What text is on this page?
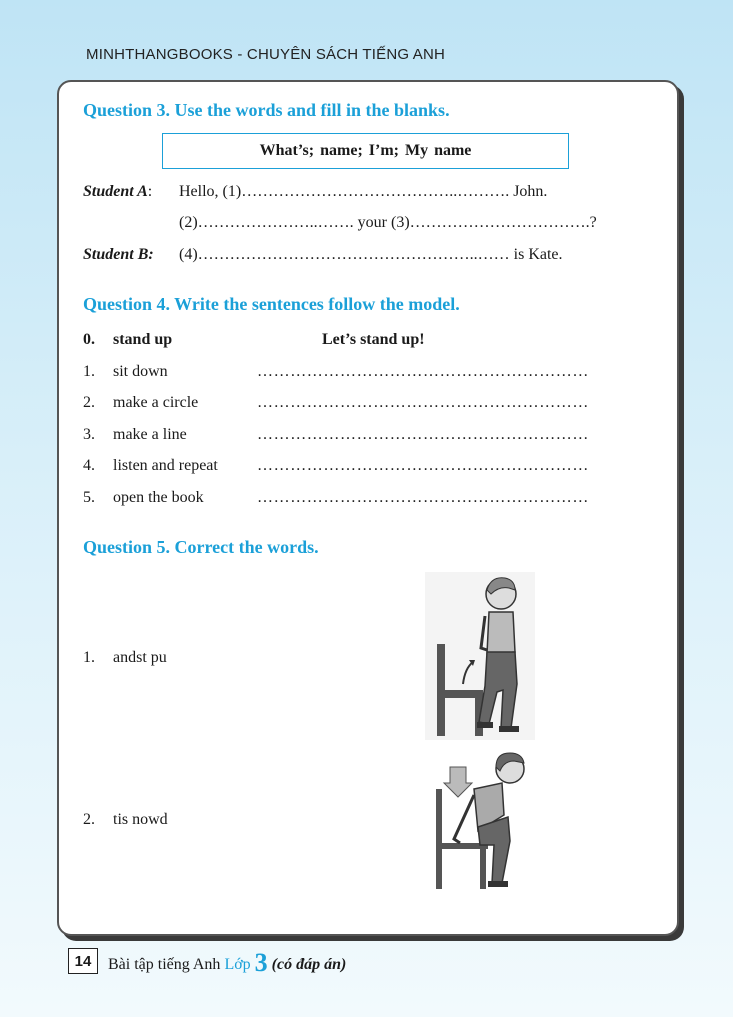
MINHTHANGBOOKS - CHUYÊN SÁCH TIẾNG ANH
Question 3. Use the words and fill in the blanks.
What’s; name; I’m; My name
Student A: Hello, (1)…………………………………..………. John.
(2)…………………..……. your (3)…………………………….?
Student B: (4)……………………………………………..…… is Kate.
Question 4. Write the sentences follow the model.
0. stand up	Let’s stand up!
1. sit down	……………………………………………………
2. make a circle	……………………………………………………
3. make a line	……………………………………………………
4. listen and repeat ……………………………………………………
5. open the book	……………………………………………………
Question 5. Correct the words.
1. andst pu
2. tis nowd
14	Bài tập tiếng Anh Lớp 3 (có đáp án)
